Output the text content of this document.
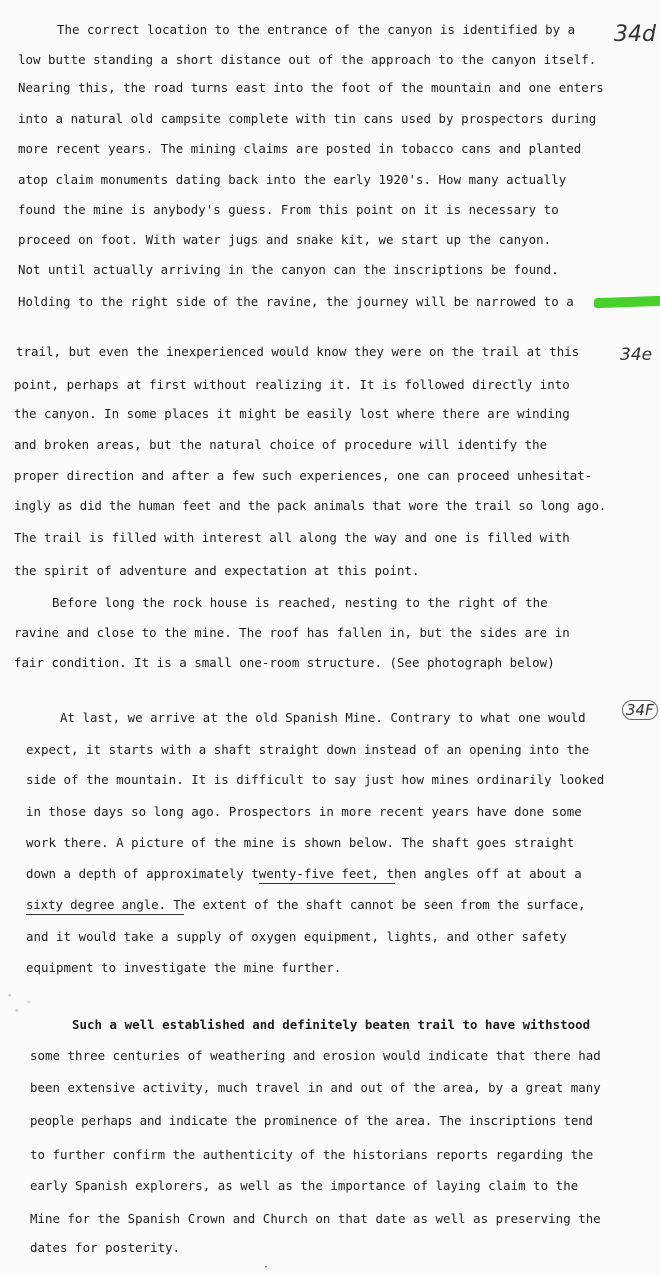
34d
34e
34F
The correct location to the entrance of the canyon is identified by a
low butte standing a short distance out of the approach to the canyon itself.
Nearing this, the road turns east into the foot of the mountain and one enters
into a natural old campsite complete with tin cans used by prospectors during
more recent years. The mining claims are posted in tobacco cans and planted
atop claim monuments dating back into the early 1920's. How many actually
found the mine is anybody's guess. From this point on it is necessary to
proceed on foot. With water jugs and snake kit, we start up the canyon.
Not until actually arriving in the canyon can the inscriptions be found.
Holding to the right side of the ravine, the journey will be narrowed to a
trail, but even the inexperienced would know they were on the trail at this
point, perhaps at first without realizing it. It is followed directly into
the canyon. In some places it might be easily lost where there are winding
and broken areas, but the natural choice of procedure will identify the
proper direction and after a few such experiences, one can proceed unhesitat-
ingly as did the human feet and the pack animals that wore the trail so long ago.
The trail is filled with interest all along the way and one is filled with
the spirit of adventure and expectation at this point.
Before long the rock house is reached, nesting to the right of the
ravine and close to the mine. The roof has fallen in, but the sides are in
fair condition. It is a small one-room structure. (See photograph below)
At last, we arrive at the old Spanish Mine. Contrary to what one would
expect, it starts with a shaft straight down instead of an opening into the
side of the mountain. It is difficult to say just how mines ordinarily looked
in those days so long ago. Prospectors in more recent years have done some
work there. A picture of the mine is shown below. The shaft goes straight
down a depth of approximately twenty-five feet, then angles off at about a
sixty degree angle. The extent of the shaft cannot be seen from the surface,
and it would take a supply of oxygen equipment, lights, and other safety
equipment to investigate the mine further.
Such a well established and definitely beaten trail to have withstood
some three centuries of weathering and erosion would indicate that there had
been extensive activity, much travel in and out of the area, by a great many
people perhaps and indicate the prominence of the area. The inscriptions tend
to further confirm the authenticity of the historians reports regarding the
early Spanish explorers, as well as the importance of laying claim to the
Mine for the Spanish Crown and Church on that date as well as preserving the
dates for posterity.
⋅
